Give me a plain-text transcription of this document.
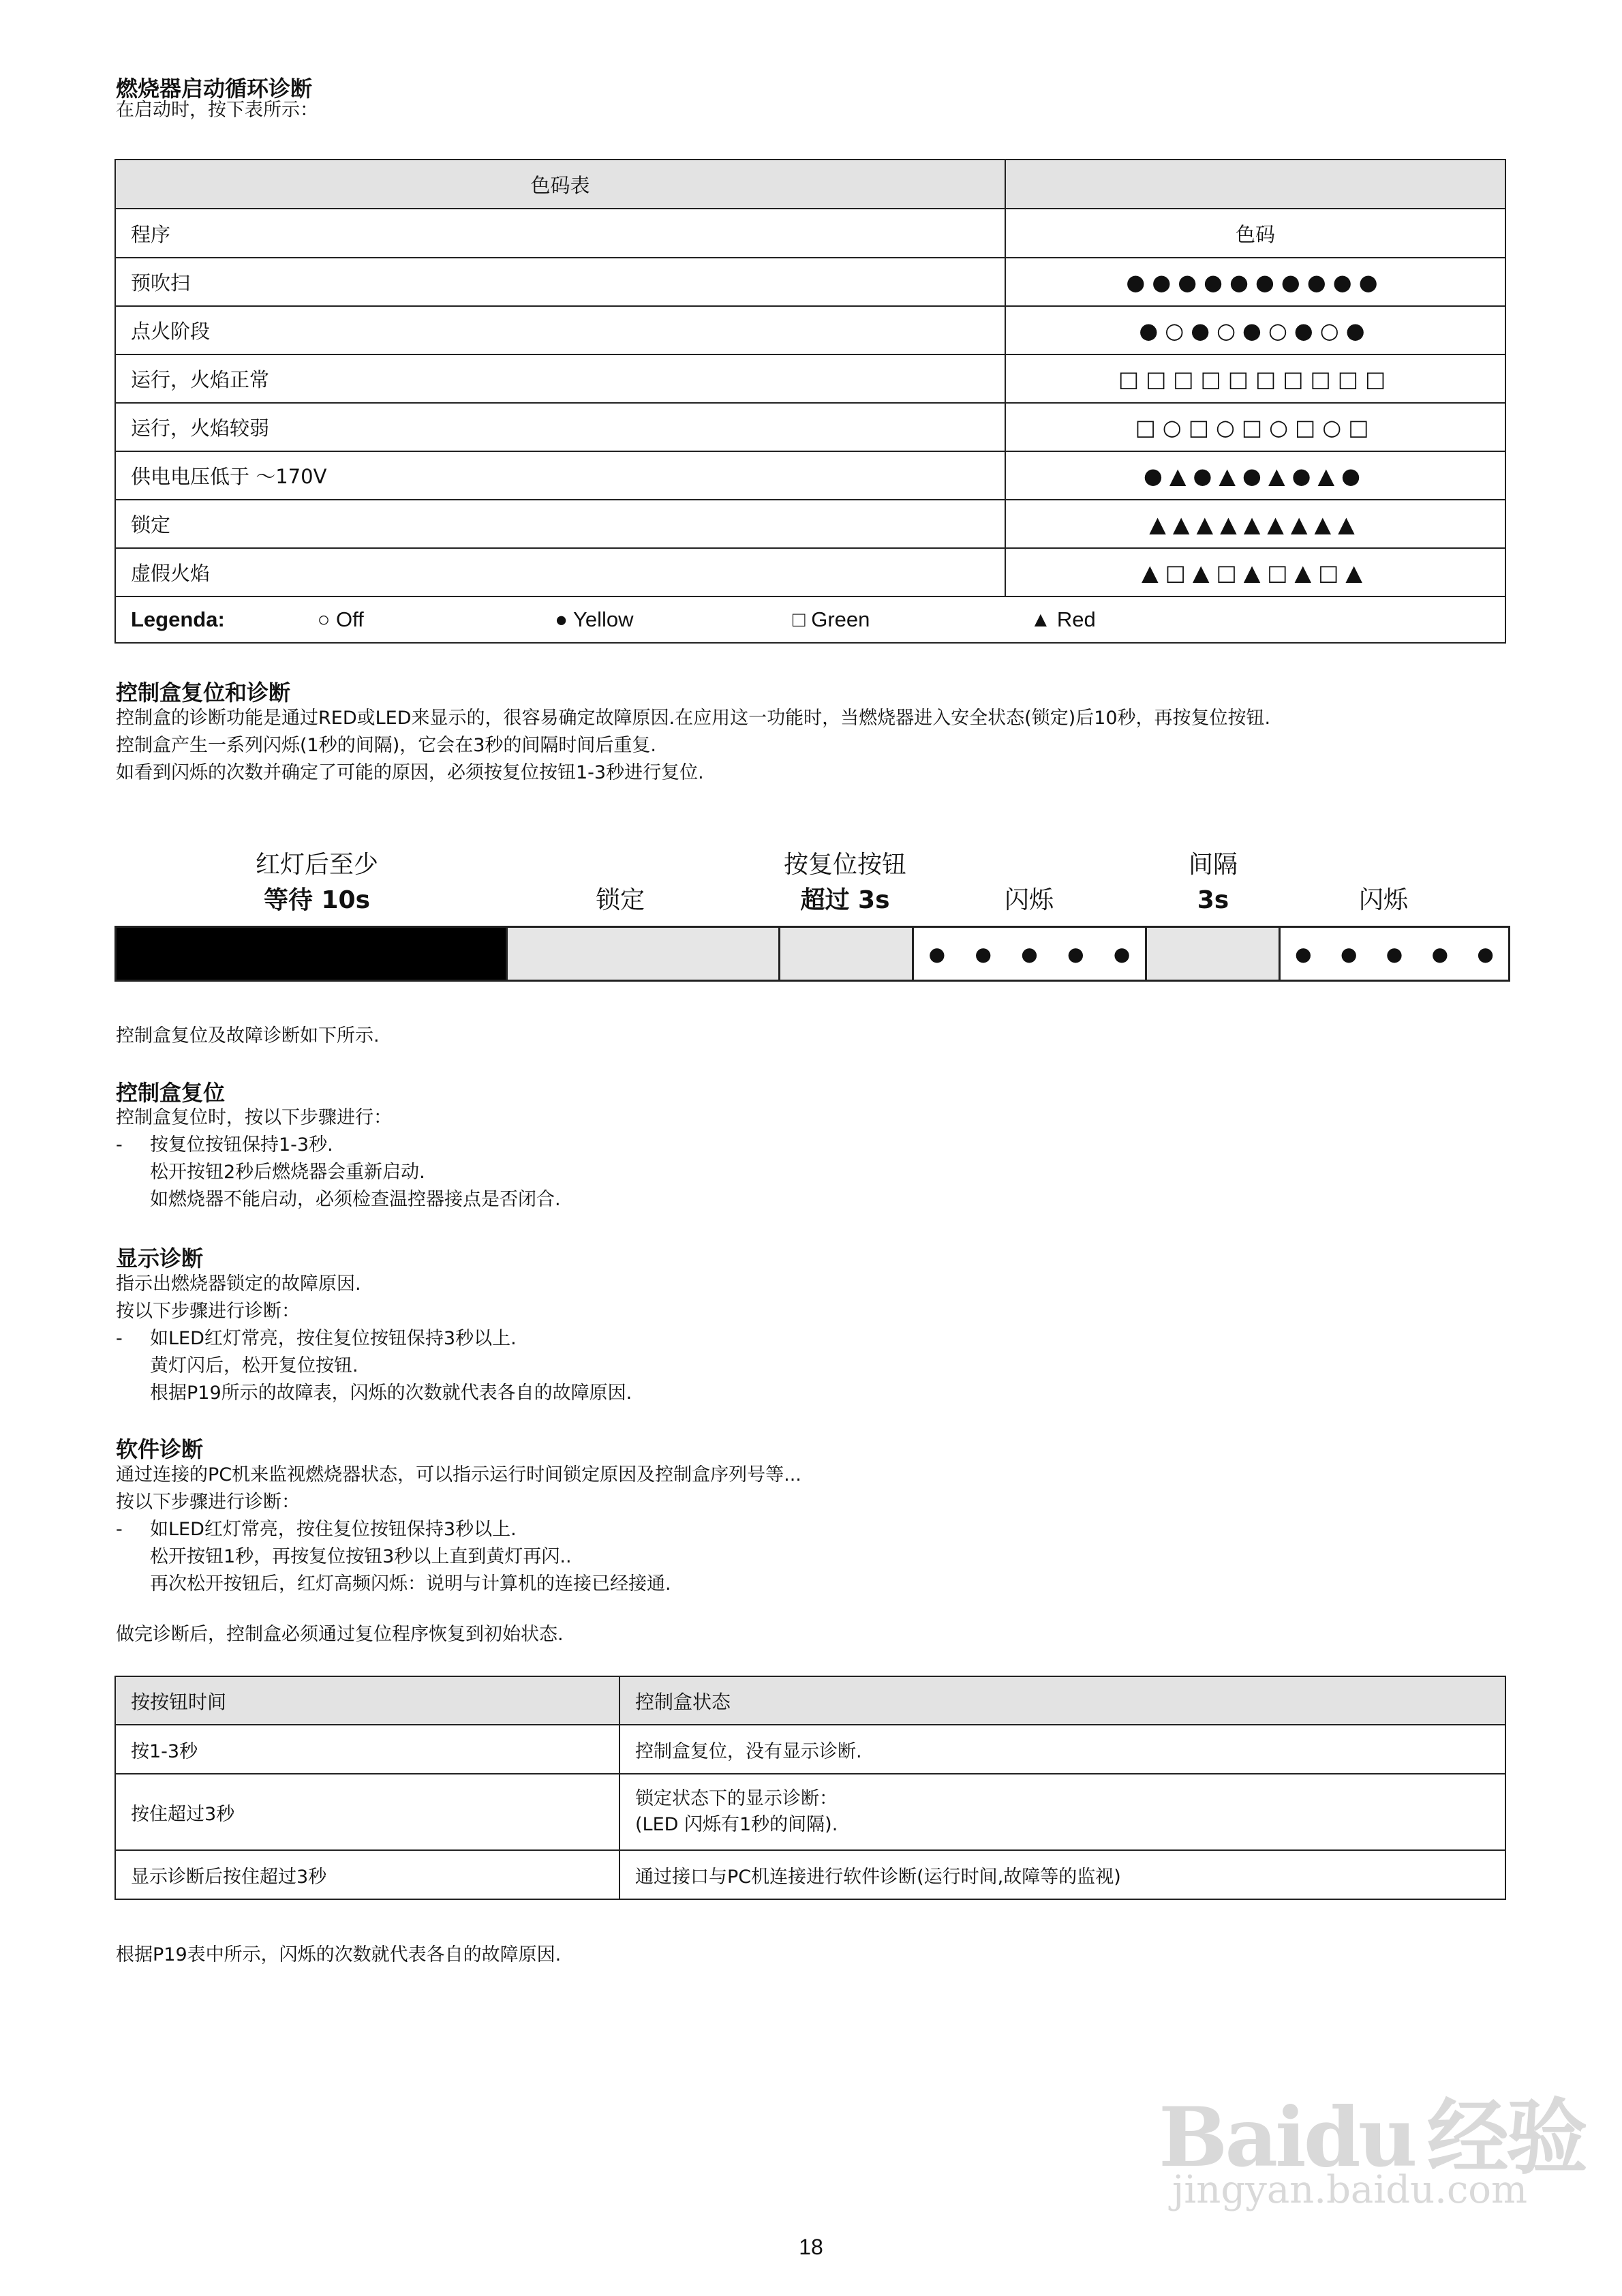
燃烧器启动循环诊断
在启动时，按下表所示：
色码表	
程序	色码
预吹扫	●●●●●●●●●●
点火阶段	●○●○●○●○●
运行，火焰正常	□□□□□□□□□□
运行，火焰较弱	□○□○□○□○□
供电电压低于 ～170V	●▲●▲●▲●▲●
锁定	▲▲▲▲▲▲▲▲▲
虚假火焰	▲□▲□▲□▲□▲
Legenda: ○ Off ● Yellow □ Green ▲ Red	
控制盒复位和诊断
控制盒的诊断功能是通过RED或LED来显示的，很容易确定故障原因.在应用这一功能时，当燃烧器进入安全状态(锁定)后10秒，再按复位按钮.
控制盒产生一系列闪烁(1秒的间隔)，它会在3秒的间隔时间后重复.
如看到闪烁的次数并确定了可能的原因，必须按复位按钮1-3秒进行复位.
红灯后至少
等待 10s	锁定
按复位按钮
超过 3s	闪烁
间隔
3s	闪烁
● ● ● ● ●	● ● ● ● ●
控制盒复位及故障诊断如下所示.
控制盒复位
控制盒复位时，按以下步骤进行：
- 按复位按钮保持1-3秒.
松开按钮2秒后燃烧器会重新启动.
如燃烧器不能启动，必须检查温控器接点是否闭合.
显示诊断
指示出燃烧器锁定的故障原因.
按以下步骤进行诊断：
- 如LED红灯常亮，按住复位按钮保持3秒以上.
黄灯闪后，松开复位按钮.
根据P19所示的故障表，闪烁的次数就代表各自的故障原因.
软件诊断
通过连接的PC机来监视燃烧器状态，可以指示运行时间锁定原因及控制盒序列号等...
按以下步骤进行诊断：
- 如LED红灯常亮，按住复位按钮保持3秒以上.
松开按钮1秒，再按复位按钮3秒以上直到黄灯再闪..
再次松开按钮后，红灯高频闪烁：说明与计算机的连接已经接通.
做完诊断后，控制盒必须通过复位程序恢复到初始状态.
按按钮时间	控制盒状态
按1-3秒	控制盒复位，没有显示诊断.
按住超过3秒	锁定状态下的显示诊断：
(LED 闪烁有1秒的间隔).

显示诊断后按住超过3秒	通过接口与PC机连接进行软件诊断(运行时间,故障等的监视)
根据P19表中所示，闪烁的次数就代表各自的故障原因.
Baidu 经验
jingyan.baidu.com
18
